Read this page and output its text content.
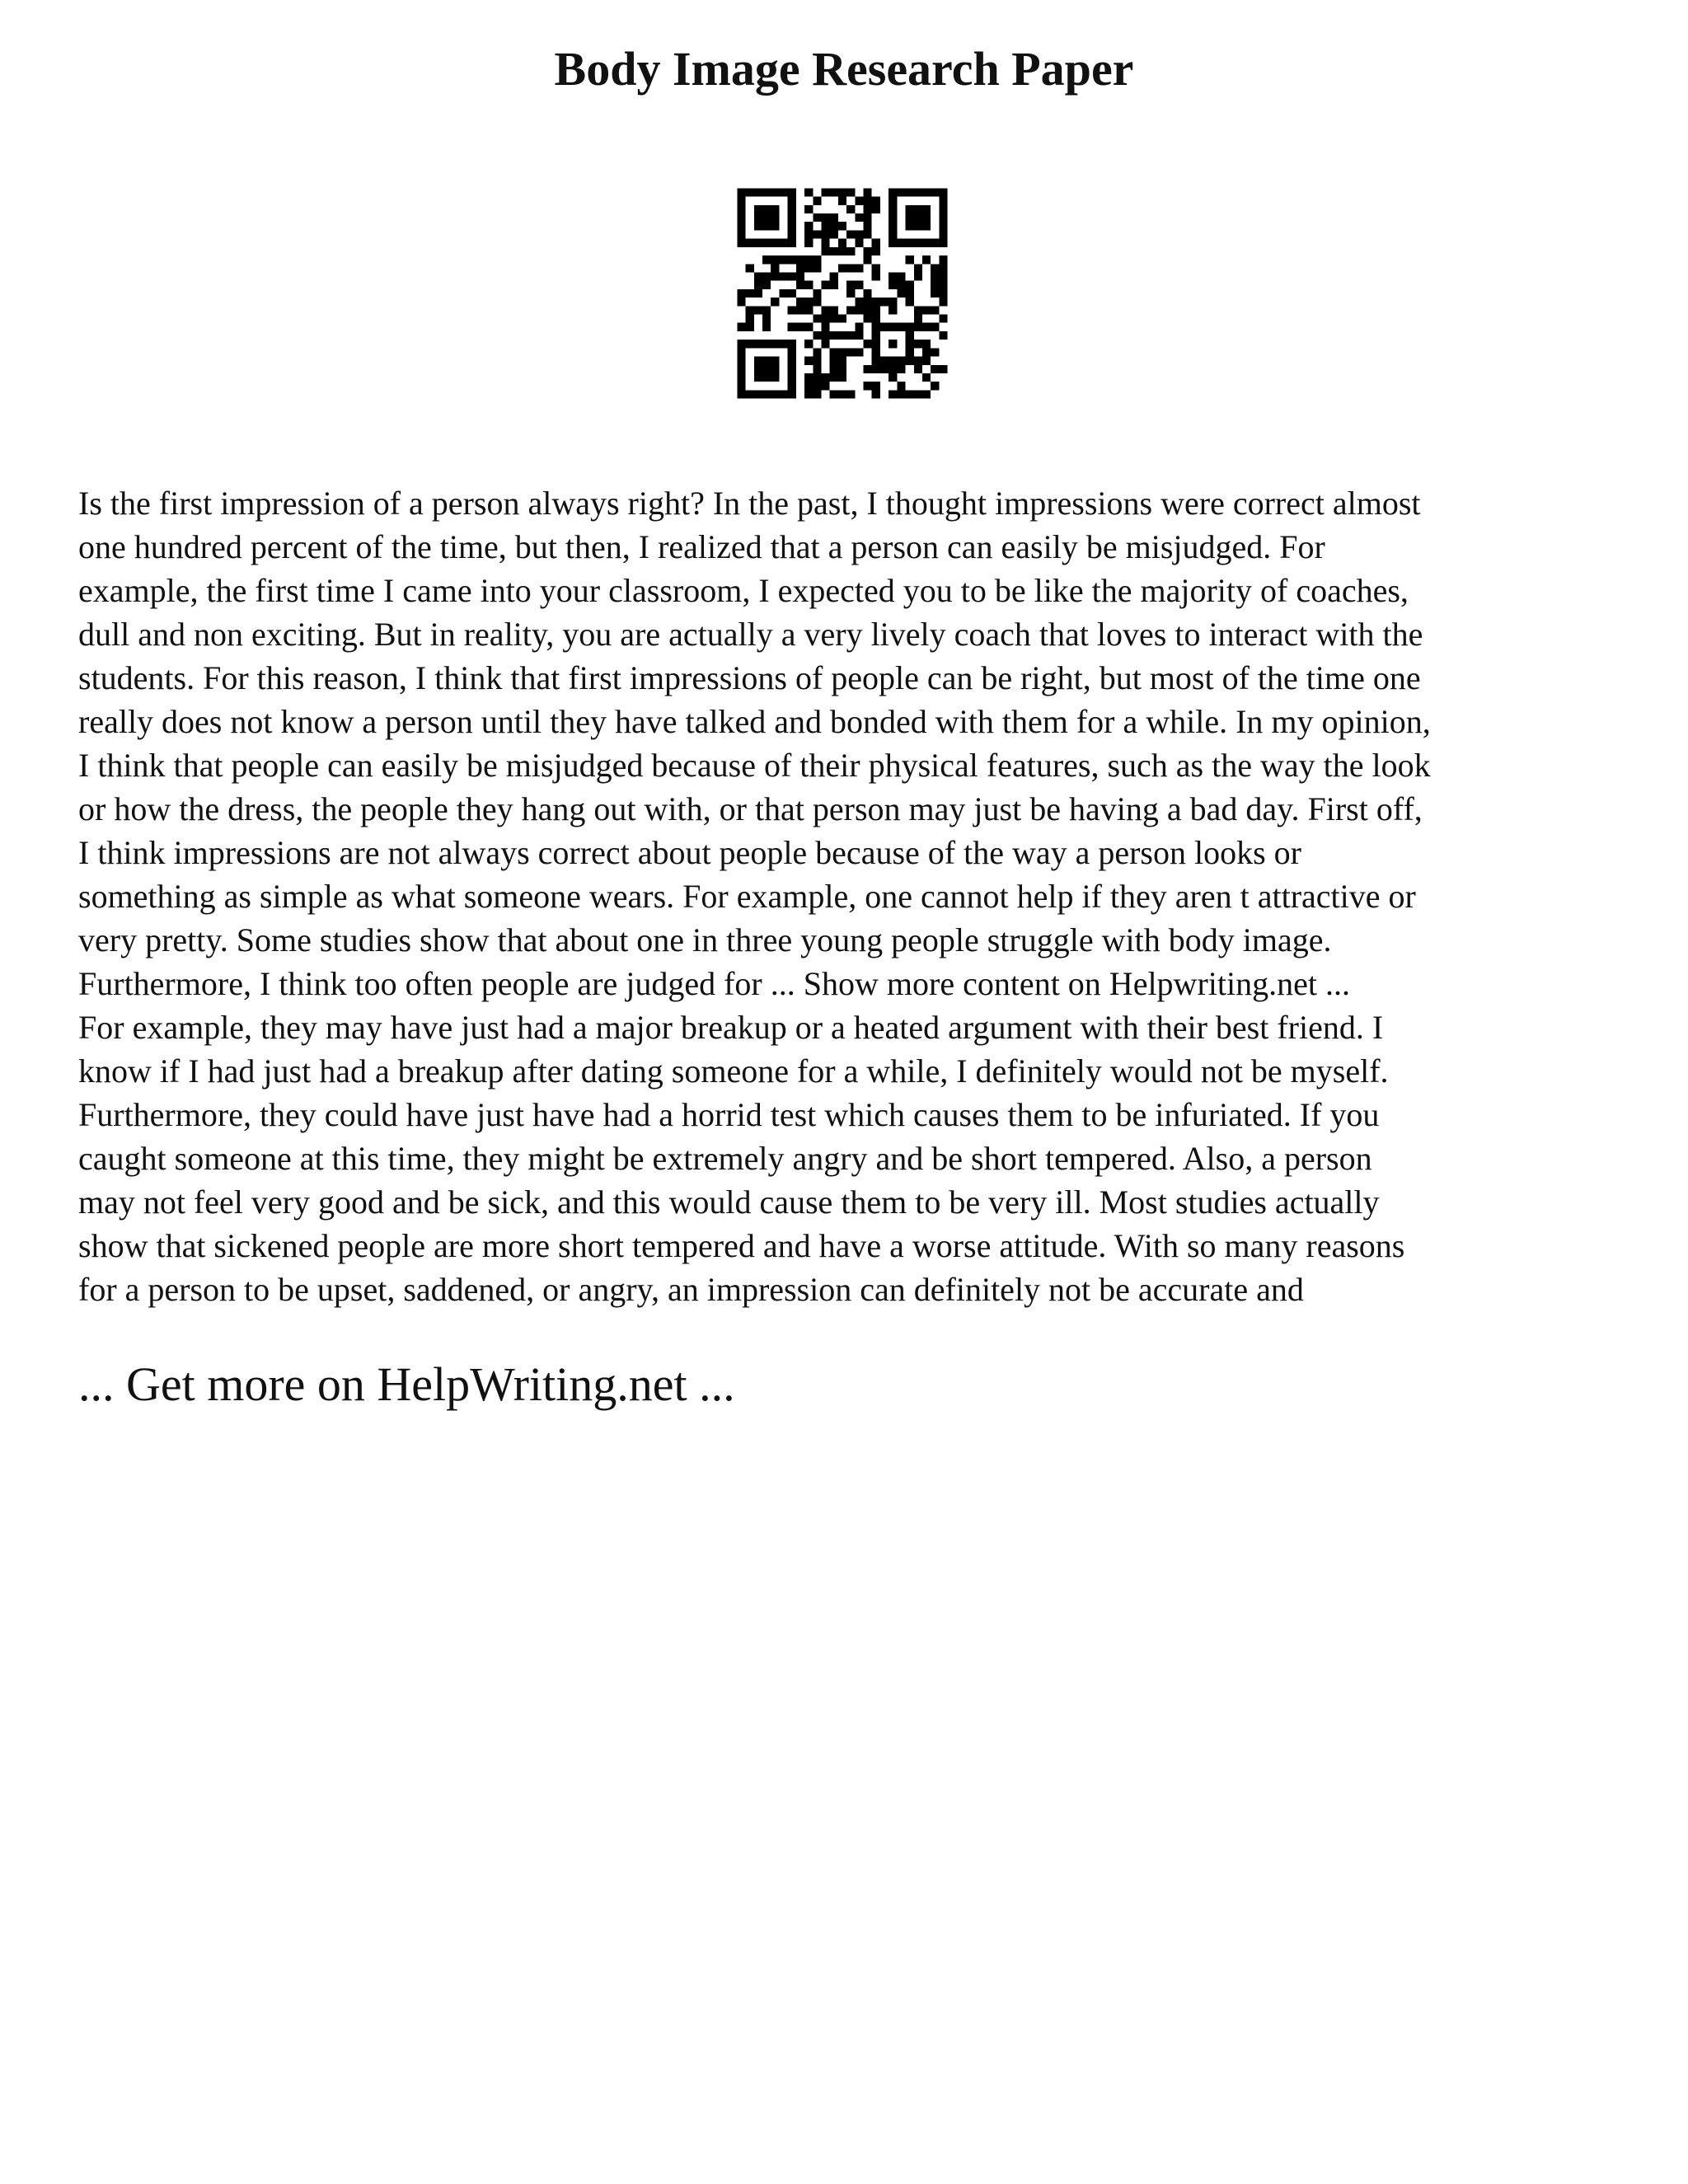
Body Image Research Paper
Is the first impression of a person always right? In the past, I thought impressions were correct almost
one hundred percent of the time, but then, I realized that a person can easily be misjudged. For
example, the first time I came into your classroom, I expected you to be like the majority of coaches,
dull and non exciting. But in reality, you are actually a very lively coach that loves to interact with the
students. For this reason, I think that first impressions of people can be right, but most of the time one
really does not know a person until they have talked and bonded with them for a while. In my opinion,
I think that people can easily be misjudged because of their physical features, such as the way the look
or how the dress, the people they hang out with, or that person may just be having a bad day. First off,
I think impressions are not always correct about people because of the way a person looks or
something as simple as what someone wears. For example, one cannot help if they aren t attractive or
very pretty. Some studies show that about one in three young people struggle with body image.
Furthermore, I think too often people are judged for ... Show more content on Helpwriting.net ...
For example, they may have just had a major breakup or a heated argument with their best friend. I
know if I had just had a breakup after dating someone for a while, I definitely would not be myself.
Furthermore, they could have just have had a horrid test which causes them to be infuriated. If you
caught someone at this time, they might be extremely angry and be short tempered. Also, a person
may not feel very good and be sick, and this would cause them to be very ill. Most studies actually
show that sickened people are more short tempered and have a worse attitude. With so many reasons
for a person to be upset, saddened, or angry, an impression can definitely not be accurate and

... Get more on HelpWriting.net ...
